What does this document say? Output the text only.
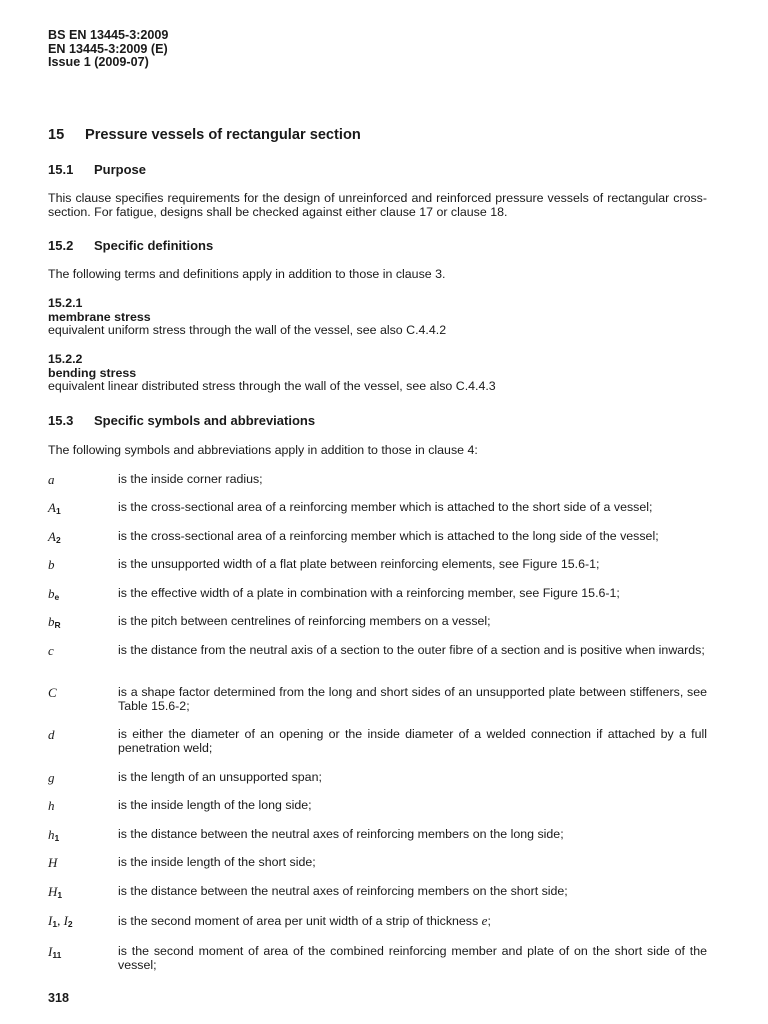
BS EN 13445-3:2009
EN 13445-3:2009 (E)
Issue 1 (2009-07)
15 Pressure vessels of rectangular section
15.1 Purpose
This clause specifies requirements for the design of unreinforced and reinforced pressure vessels of rectangular cross-section. For fatigue, designs shall be checked against either clause 17 or clause 18.
15.2 Specific definitions
The following terms and definitions apply in addition to those in clause 3.
15.2.1
membrane stress
equivalent uniform stress through the wall of the vessel, see also C.4.4.2
15.2.2
bending stress
equivalent linear distributed stress through the wall of the vessel, see also C.4.4.3
15.3 Specific symbols and abbreviations
The following symbols and abbreviations apply in addition to those in clause 4:
a	is the inside corner radius;
$A_1$	is the cross-sectional area of a reinforcing member which is attached to the short side of a vessel;
$A_2$	is the cross-sectional area of a reinforcing member which is attached to the long side of the vessel;
b	is the unsupported width of a flat plate between reinforcing elements, see Figure 15.6-1;
$b_e$	is the effective width of a plate in combination with a reinforcing member, see Figure 15.6-1;
$b_R$	is the pitch between centrelines of reinforcing members on a vessel;
c	is the distance from the neutral axis of a section to the outer fibre of a section and is positive when inwards;
C	is a shape factor determined from the long and short sides of an unsupported plate between stiffeners, see Table 15.6-2;
d	is either the diameter of an opening or the inside diameter of a welded connection if attached by a full penetration weld;
g	is the length of an unsupported span;
h	is the inside length of the long side;
$h_1$	is the distance between the neutral axes of reinforcing members on the long side;
H	is the inside length of the short side;
$H_1$	is the distance between the neutral axes of reinforcing members on the short side;
$I_1$, $I_2$	is the second moment of area per unit width of a strip of thickness e;
$I_{11}$	is the second moment of area of the combined reinforcing member and plate of on the short side of the vessel;
318
